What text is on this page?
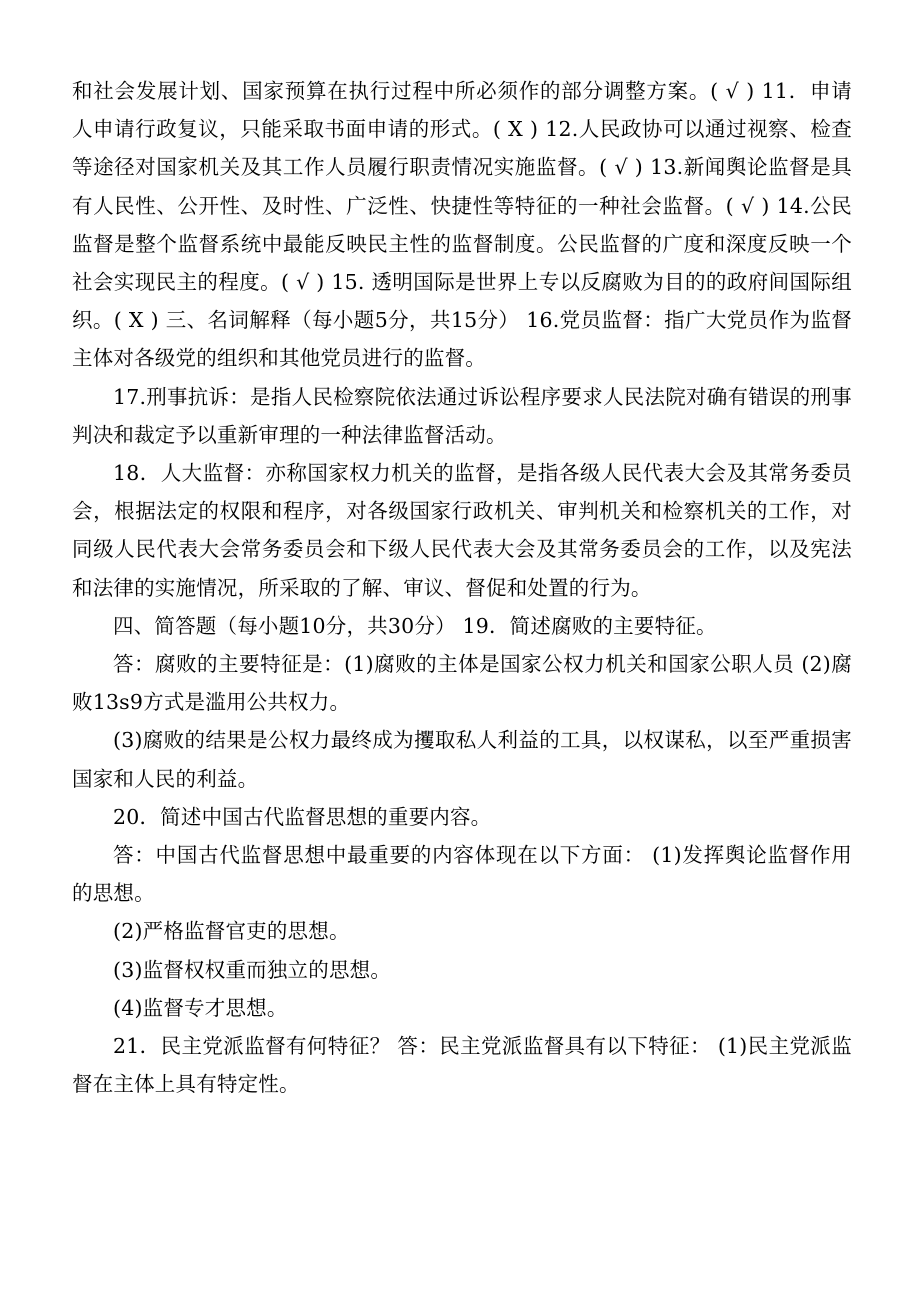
和社会发展计划、国家预算在执行过程中所必须作的部分调整方案。( √ ) 11．申请人申请行政复议，只能采取书面申请的形式。( X ) 12.人民政协可以通过视察、检查等途径对国家机关及其工作人员履行职责情况实施监督。( √ ) 13.新闻舆论监督是具有人民性、公开性、及时性、广泛性、快捷性等特征的一种社会监督。( √ ) 14.公民监督是整个监督系统中最能反映民主性的监督制度。公民监督的广度和深度反映一个社会实现民主的程度。( √ ) 15. 透明国际是世界上专以反腐败为目的的政府间国际组织。( X ) 三、名词解释（每小题5分，共15分） 16.党员监督：指广大党员作为监督主体对各级党的组织和其他党员进行的监督。

17.刑事抗诉：是指人民检察院依法通过诉讼程序要求人民法院对确有错误的刑事判决和裁定予以重新审理的一种法律监督活动。

18．人大监督：亦称国家权力机关的监督，是指各级人民代表大会及其常务委员会，根据法定的权限和程序，对各级国家行政机关、审判机关和检察机关的工作，对同级人民代表大会常务委员会和下级人民代表大会及其常务委员会的工作，以及宪法和法律的实施情况，所采取的了解、审议、督促和处置的行为。

四、简答题（每小题10分，共30分） 19．简述腐败的主要特征。

答：腐败的主要特征是：(1)腐败的主体是国家公权力机关和国家公职人员 (2)腐败13s9方式是滥用公共权力。

(3)腐败的结果是公权力最终成为攫取私人利益的工具，以权谋私，以至严重损害国家和人民的利益。

20．简述中国古代监督思想的重要内容。

答：中国古代监督思想中最重要的内容体现在以下方面： (1)发挥舆论监督作用的思想。

(2)严格监督官吏的思想。

(3)监督权权重而独立的思想。

(4)监督专才思想。

21．民主党派监督有何特征？ 答：民主党派监督具有以下特征： (1)民主党派监督在主体上具有特定性。
